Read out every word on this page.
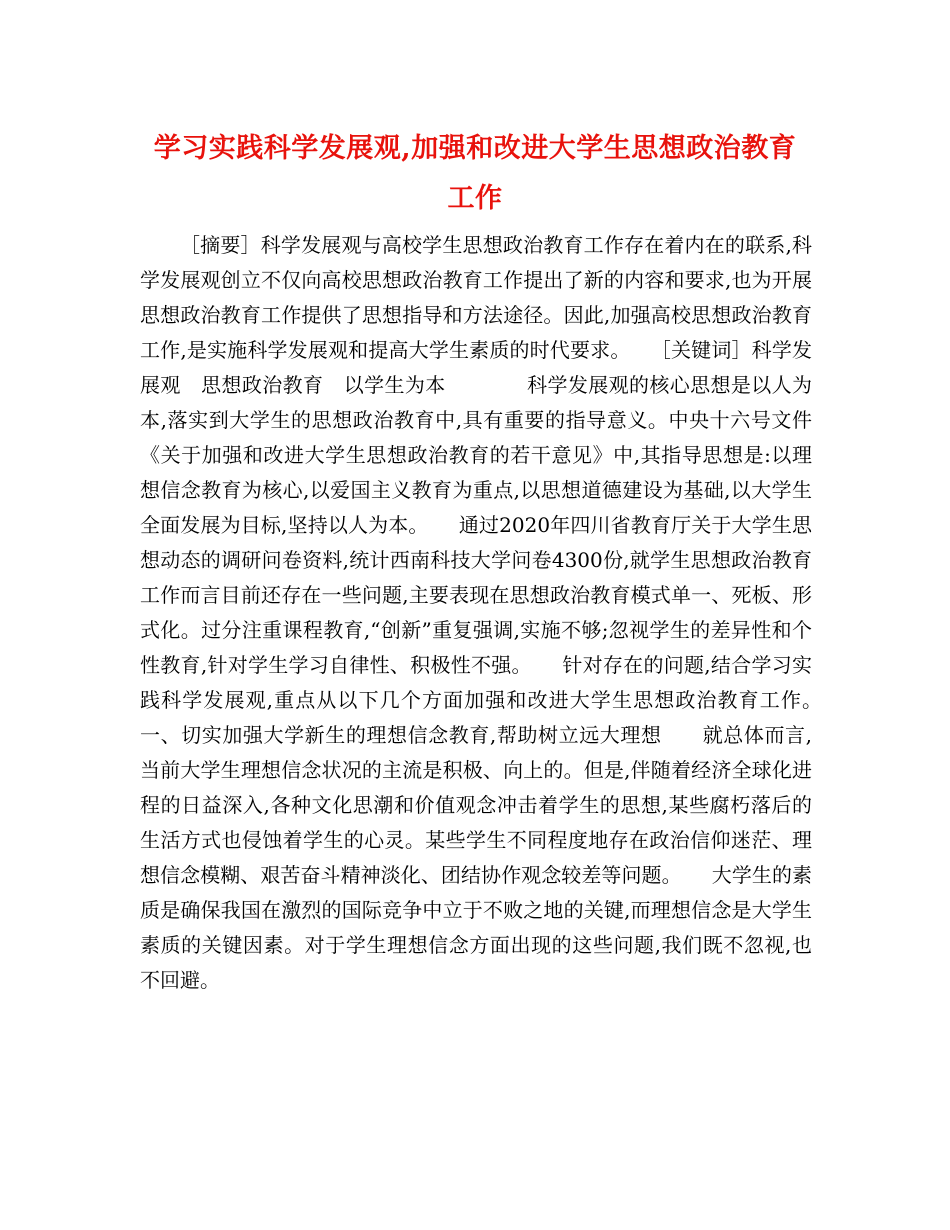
学习实践科学发展观,加强和改进大学生思想政治教育
工作

［摘要］科学发展观与高校学生思想政治教育工作存在着内在的联系,科学发展观创立不仅向高校思想政治教育工作提出了新的内容和要求,也为开展思想政治教育工作提供了思想指导和方法途径。因此,加强高校思想政治教育工作,是实施科学发展观和提高大学生素质的时代要求。　　［关键词］科学发展观　思想政治教育　以学生为本　　　　科学发展观的核心思想是以人为本,落实到大学生的思想政治教育中,具有重要的指导意义。中央十六号文件《关于加强和改进大学生思想政治教育的若干意见》中,其指导思想是:以理想信念教育为核心,以爱国主义教育为重点,以思想道德建设为基础,以大学生全面发展为目标,坚持以人为本。　　通过2020年四川省教育厅关于大学生思想动态的调研问卷资料,统计西南科技大学问卷4300份,就学生思想政治教育工作而言目前还存在一些问题,主要表现在思想政治教育模式单一、死板、形式化。过分注重课程教育,“创新”重复强调,实施不够;忽视学生的差异性和个性教育,针对学生学习自律性、积极性不强。　　针对存在的问题,结合学习实践科学发展观,重点从以下几个方面加强和改进大学生思想政治教育工作。　　一、切实加强大学新生的理想信念教育,帮助树立远大理想　　就总体而言,当前大学生理想信念状况的主流是积极、向上的。但是,伴随着经济全球化进程的日益深入,各种文化思潮和价值观念冲击着学生的思想,某些腐朽落后的生活方式也侵蚀着学生的心灵。某些学生不同程度地存在政治信仰迷茫、理想信念模糊、艰苦奋斗精神淡化、团结协作观念较差等问题。　　大学生的素质是确保我国在激烈的国际竞争中立于不败之地的关键,而理想信念是大学生素质的关键因素。对于学生理想信念方面出现的这些问题,我们既不忽视,也不回避。
